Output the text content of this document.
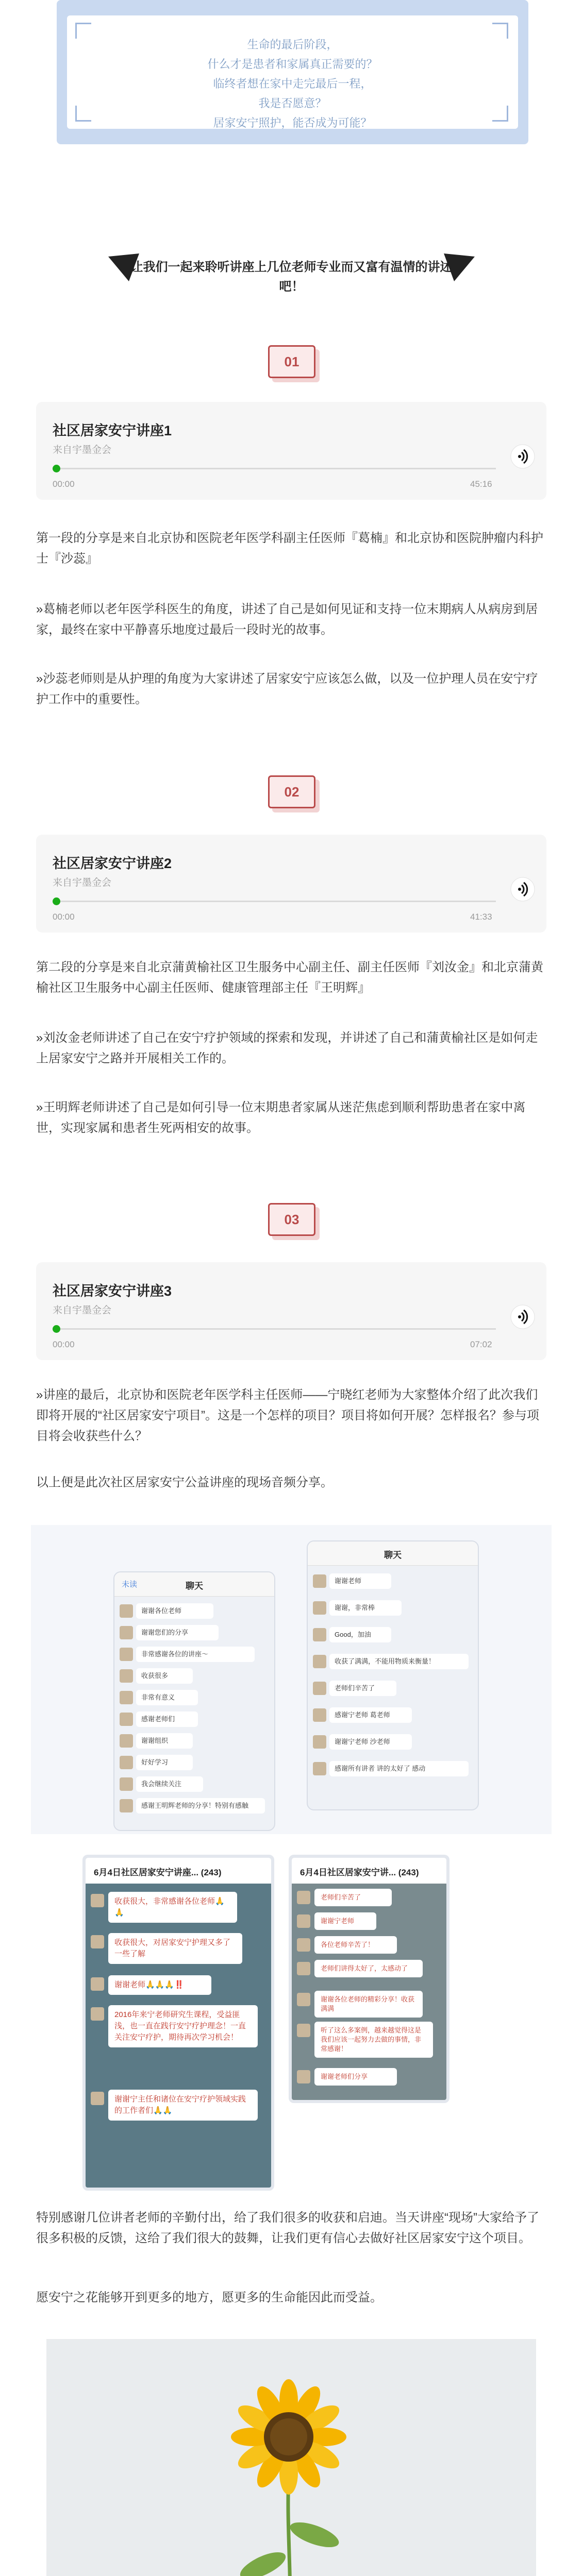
生命的最后阶段，

什么才是患者和家属真正需要的？

临终者想在家中走完最后一程，

我是否愿意？

居家安宁照护，能否成为可能？

让我们一起来聆听讲座上几位老师专业而又富有温情的讲述吧！
01
社区居家安宁讲座1
来自宇墨金会
00:00	45:16
第一段的分享是来自北京协和医院老年医学科副主任医师『葛楠』和北京协和医院肿瘤内科护士『沙蕊』
»葛楠老师以老年医学科医生的角度，讲述了自己是如何见证和支持一位末期病人从病房到居家，最终在家中平静喜乐地度过最后一段时光的故事。
»沙蕊老师则是从护理的角度为大家讲述了居家安宁应该怎么做，以及一位护理人员在安宁疗护工作中的重要性。
02
社区居家安宁讲座2
来自宇墨金会
00:00	41:33
第二段的分享是来自北京蒲黄榆社区卫生服务中心副主任、副主任医师『刘汝金』和北京蒲黄榆社区卫生服务中心副主任医师、健康管理部主任『王明辉』
»刘汝金老师讲述了自己在安宁疗护领域的探索和发现，并讲述了自己和蒲黄榆社区是如何走上居家安宁之路并开展相关工作的。
»王明辉老师讲述了自己是如何引导一位末期患者家属从迷茫焦虑到顺利帮助患者在家中离世，实现家属和患者生死两相安的故事。
03
社区居家安宁讲座3
来自宇墨金会
00:00	07:02
»讲座的最后，北京协和医院老年医学科主任医师——宁晓红老师为大家整体介绍了此次我们即将开展的“社区居家安宁项目”。这是一个怎样的项目？项目将如何开展？怎样报名？参与项目将会收获些什么？
以上便是此次社区居家安宁公益讲座的现场音频分享。
未读	聊天
谢谢各位老师
谢谢您们的分享
非常感谢各位的讲座～
收获很多
非常有意义
感谢老师们
谢谢组织
好好学习
我会继续关注
感谢王明辉老师的分享！特别有感触
聊天
谢谢老师
谢谢，非常棒
Good，加油
收获了满满，不能用物质来衡量！
老师们辛苦了
感谢宁老师 葛老师
谢谢宁老师 沙老师
感谢所有讲者 讲的太好了 感动
6月4日社区居家安宁讲座... (243)
收获很大，非常感谢各位老师🙏🙏
收获很大，对居家安宁护理又多了一些了解
谢谢老师🙏🙏🙏‼️
2016年来宁老师研究生课程，受益匪浅，也一直在践行安宁疗护理念！一直关注安宁疗护，期待再次学习机会！
谢谢宁主任和诸位在安宁疗护领域实践的工作者们🙏🙏
6月4日社区居家安宁讲... (243)
老师们辛苦了
谢谢宁老师
各位老师辛苦了！
老师们讲得太好了，太感动了
谢谢各位老师的精彩分享！收获满满
听了这么多案例，越来越觉得这是我们应该一起努力去做的事情，非常感谢！
谢谢老师们分享
特别感谢几位讲者老师的辛勤付出，给了我们很多的收获和启迪。当天讲座“现场”大家给予了很多积极的反馈，这给了我们很大的鼓舞，让我们更有信心去做好社区居家安宁这个项目。
愿安宁之花能够开到更多的地方，愿更多的生命能因此而受益。
